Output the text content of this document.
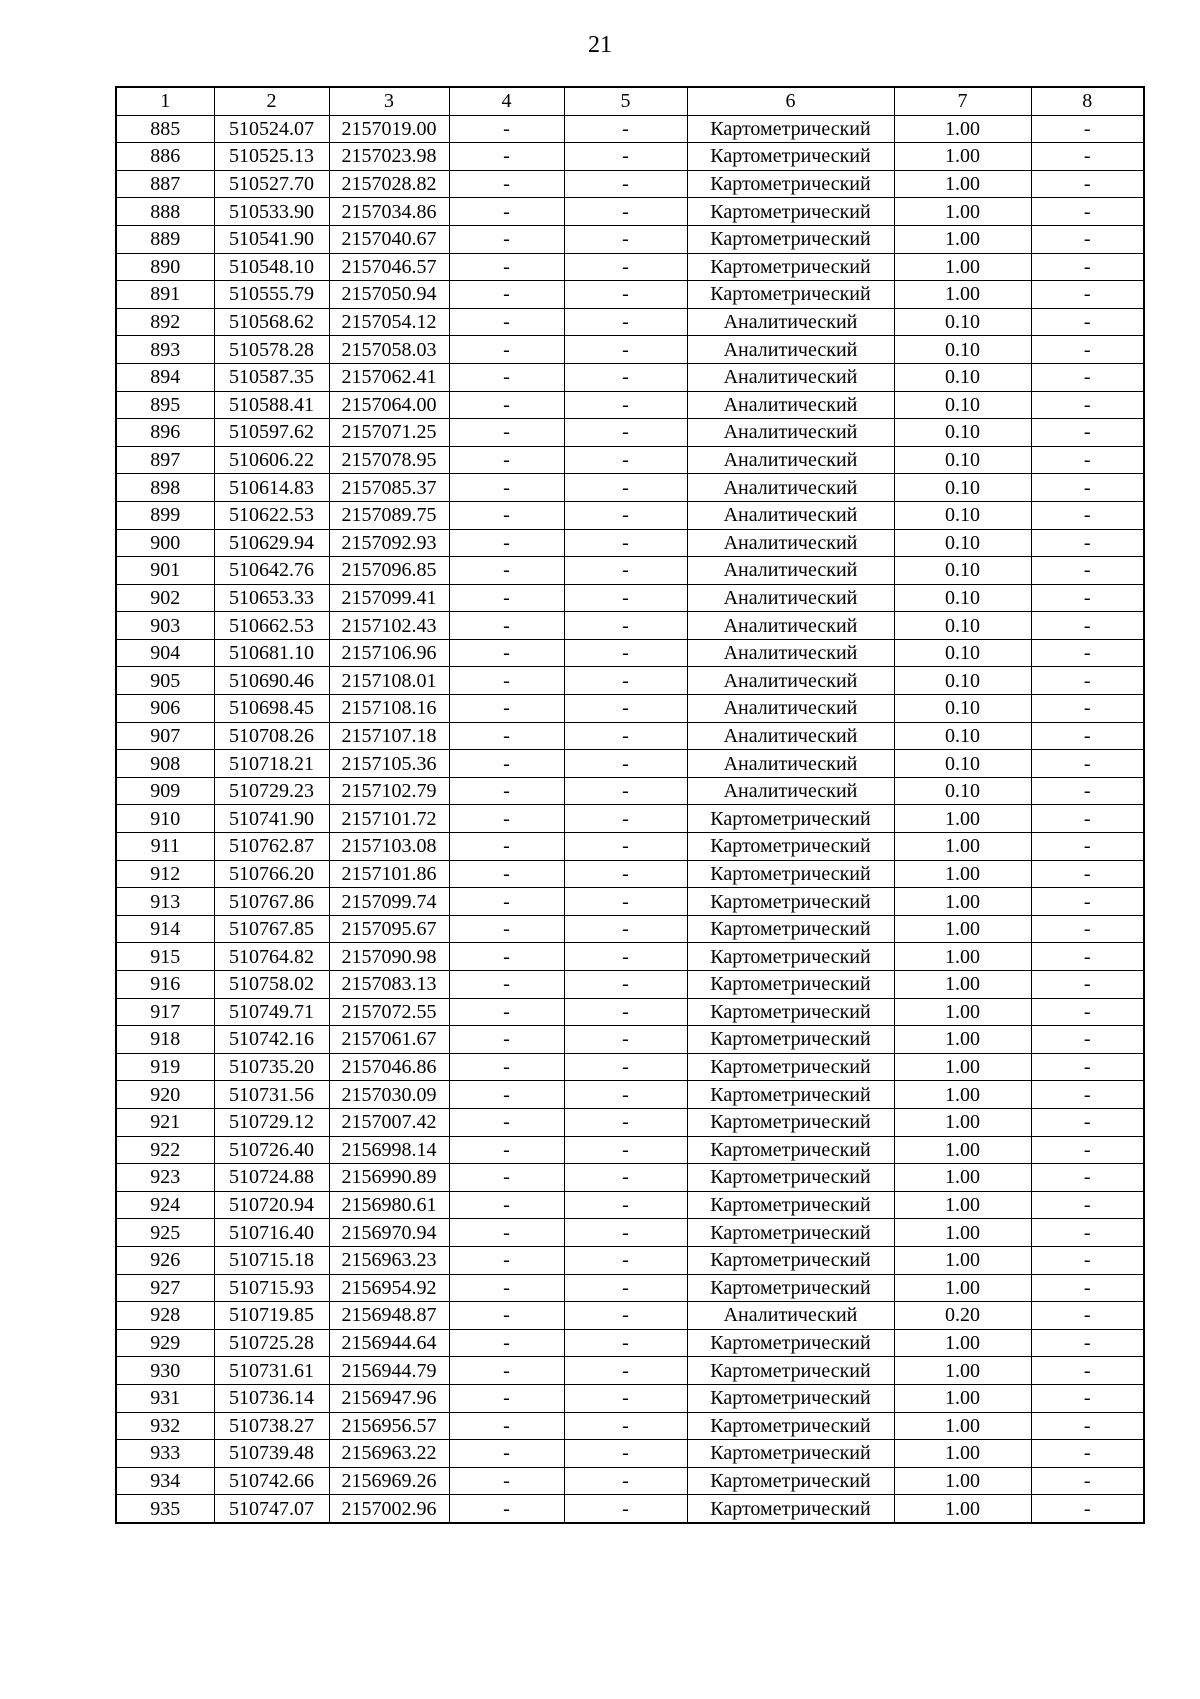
21
1	2	3	4	5	6	7	8
885	510524.07	2157019.00	-	-	Картометрический	1.00	-
886	510525.13	2157023.98	-	-	Картометрический	1.00	-
887	510527.70	2157028.82	-	-	Картометрический	1.00	-
888	510533.90	2157034.86	-	-	Картометрический	1.00	-
889	510541.90	2157040.67	-	-	Картометрический	1.00	-
890	510548.10	2157046.57	-	-	Картометрический	1.00	-
891	510555.79	2157050.94	-	-	Картометрический	1.00	-
892	510568.62	2157054.12	-	-	Аналитический	0.10	-
893	510578.28	2157058.03	-	-	Аналитический	0.10	-
894	510587.35	2157062.41	-	-	Аналитический	0.10	-
895	510588.41	2157064.00	-	-	Аналитический	0.10	-
896	510597.62	2157071.25	-	-	Аналитический	0.10	-
897	510606.22	2157078.95	-	-	Аналитический	0.10	-
898	510614.83	2157085.37	-	-	Аналитический	0.10	-
899	510622.53	2157089.75	-	-	Аналитический	0.10	-
900	510629.94	2157092.93	-	-	Аналитический	0.10	-
901	510642.76	2157096.85	-	-	Аналитический	0.10	-
902	510653.33	2157099.41	-	-	Аналитический	0.10	-
903	510662.53	2157102.43	-	-	Аналитический	0.10	-
904	510681.10	2157106.96	-	-	Аналитический	0.10	-
905	510690.46	2157108.01	-	-	Аналитический	0.10	-
906	510698.45	2157108.16	-	-	Аналитический	0.10	-
907	510708.26	2157107.18	-	-	Аналитический	0.10	-
908	510718.21	2157105.36	-	-	Аналитический	0.10	-
909	510729.23	2157102.79	-	-	Аналитический	0.10	-
910	510741.90	2157101.72	-	-	Картометрический	1.00	-
911	510762.87	2157103.08	-	-	Картометрический	1.00	-
912	510766.20	2157101.86	-	-	Картометрический	1.00	-
913	510767.86	2157099.74	-	-	Картометрический	1.00	-
914	510767.85	2157095.67	-	-	Картометрический	1.00	-
915	510764.82	2157090.98	-	-	Картометрический	1.00	-
916	510758.02	2157083.13	-	-	Картометрический	1.00	-
917	510749.71	2157072.55	-	-	Картометрический	1.00	-
918	510742.16	2157061.67	-	-	Картометрический	1.00	-
919	510735.20	2157046.86	-	-	Картометрический	1.00	-
920	510731.56	2157030.09	-	-	Картометрический	1.00	-
921	510729.12	2157007.42	-	-	Картометрический	1.00	-
922	510726.40	2156998.14	-	-	Картометрический	1.00	-
923	510724.88	2156990.89	-	-	Картометрический	1.00	-
924	510720.94	2156980.61	-	-	Картометрический	1.00	-
925	510716.40	2156970.94	-	-	Картометрический	1.00	-
926	510715.18	2156963.23	-	-	Картометрический	1.00	-
927	510715.93	2156954.92	-	-	Картометрический	1.00	-
928	510719.85	2156948.87	-	-	Аналитический	0.20	-
929	510725.28	2156944.64	-	-	Картометрический	1.00	-
930	510731.61	2156944.79	-	-	Картометрический	1.00	-
931	510736.14	2156947.96	-	-	Картометрический	1.00	-
932	510738.27	2156956.57	-	-	Картометрический	1.00	-
933	510739.48	2156963.22	-	-	Картометрический	1.00	-
934	510742.66	2156969.26	-	-	Картометрический	1.00	-
935	510747.07	2157002.96	-	-	Картометрический	1.00	-
